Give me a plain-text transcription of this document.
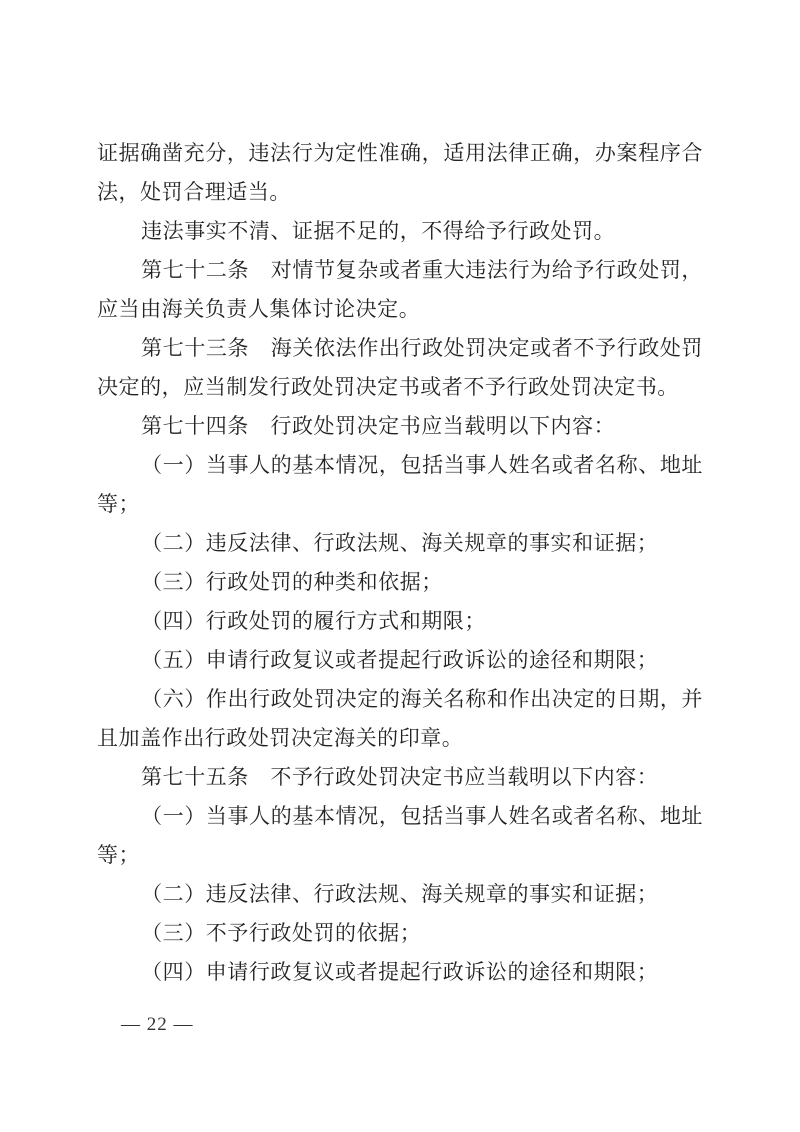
证据确凿充分，违法行为定性准确，适用法律正确，办案程序合法，处罚合理适当。

违法事实不清、证据不足的，不得给予行政处罚。

第七十二条　对情节复杂或者重大违法行为给予行政处罚，应当由海关负责人集体讨论决定。

第七十三条　海关依法作出行政处罚决定或者不予行政处罚决定的，应当制发行政处罚决定书或者不予行政处罚决定书。

第七十四条　行政处罚决定书应当载明以下内容：

（一）当事人的基本情况，包括当事人姓名或者名称、地址等；

（二）违反法律、行政法规、海关规章的事实和证据；

（三）行政处罚的种类和依据；

（四）行政处罚的履行方式和期限；

（五）申请行政复议或者提起行政诉讼的途径和期限；

（六）作出行政处罚决定的海关名称和作出决定的日期，并且加盖作出行政处罚决定海关的印章。

第七十五条　不予行政处罚决定书应当载明以下内容：

（一）当事人的基本情况，包括当事人姓名或者名称、地址等；

（二）违反法律、行政法规、海关规章的事实和证据；

（三）不予行政处罚的依据；

（四）申请行政复议或者提起行政诉讼的途径和期限；

— 22 —
